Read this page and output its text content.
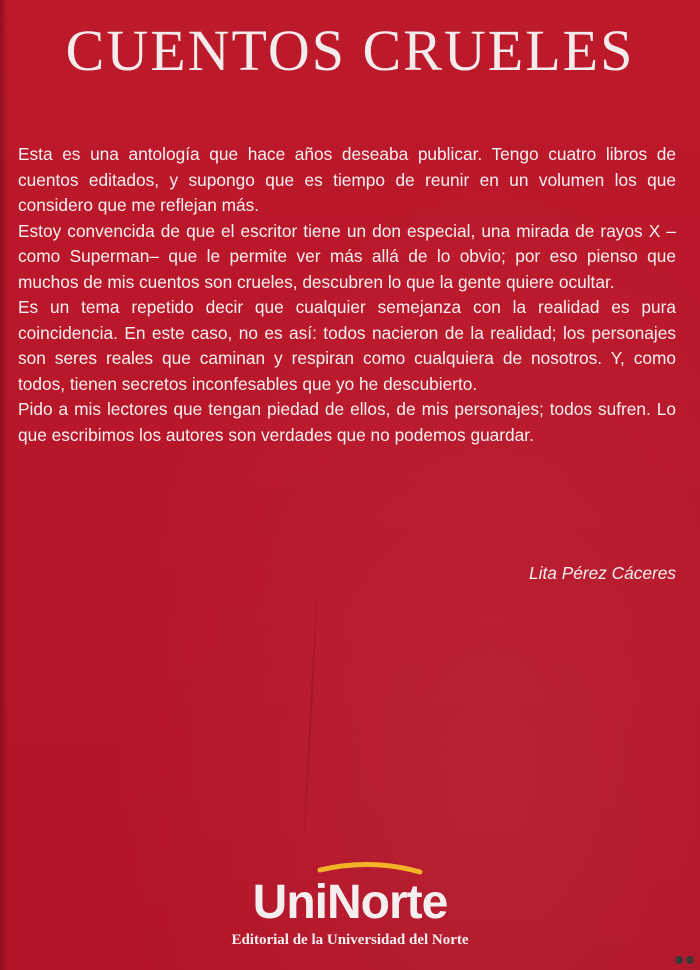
CUENTOS CRUELES

Esta es una antología que hace años deseaba publicar. Tengo cuatro libros de cuentos editados, y supongo que es tiempo de reunir en un volumen los que considero que me reflejan más.

Estoy convencida de que el escritor tiene un don especial, una mirada de rayos X –como Superman– que le permite ver más allá de lo obvio; por eso pienso que muchos de mis cuentos son crueles, descubren lo que la gente quiere ocultar.

Es un tema repetido decir que cualquier semejanza con la realidad es pura coincidencia. En este caso, no es así: todos nacieron de la realidad; los personajes son seres reales que caminan y respiran como cualquiera de nosotros. Y, como todos, tienen secretos inconfesables que yo he descubierto.

Pido a mis lectores que tengan piedad de ellos, de mis personajes; todos sufren. Lo que escribimos los autores son verdades que no podemos guardar.

Lita Pérez Cáceres
UniNorte
Editorial de la Universidad del Norte
